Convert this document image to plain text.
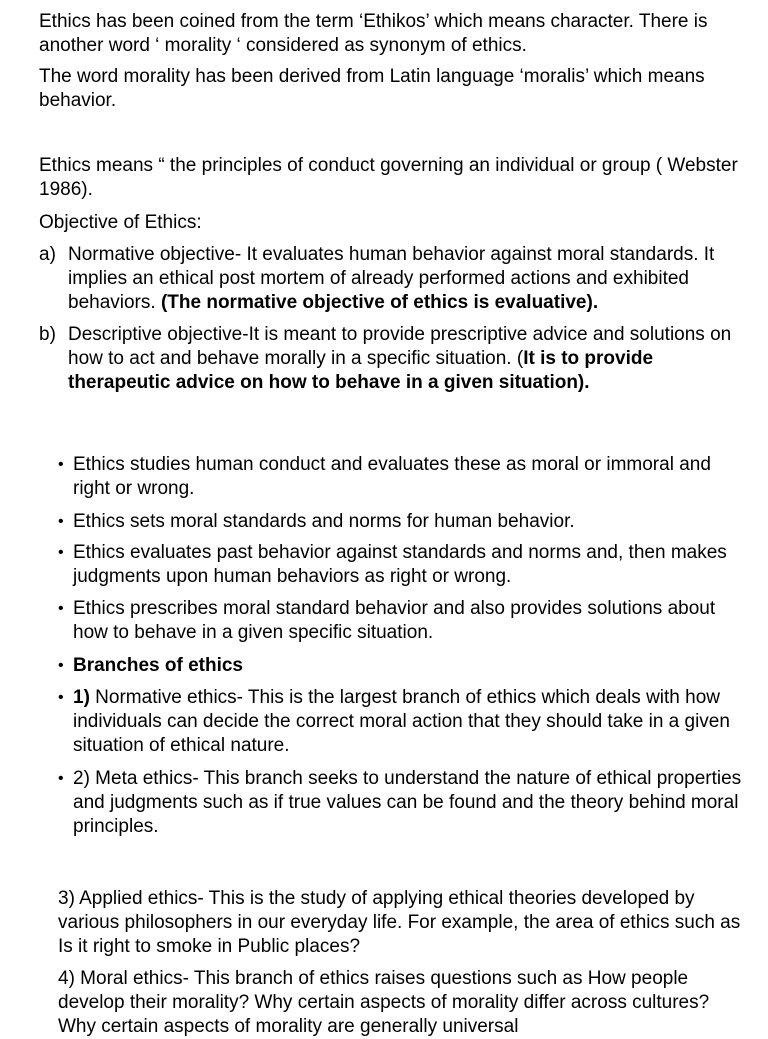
Ethics has been coined from the term ‘Ethikos’ which means character. There is another word ‘ morality ‘ considered as synonym of ethics.

The word morality has been derived from Latin language ‘moralis’ which means behavior.

Ethics means “ the principles of conduct governing an individual or group ( Webster 1986).

Objective of Ethics:

a) Normative objective- It evaluates human behavior against moral standards. It implies an ethical post mortem of already performed actions and exhibited behaviors. (The normative objective of ethics is evaluative).
b) Descriptive objective-It is meant to provide prescriptive advice and solutions on how to act and behave morally in a specific situation. (It is to provide therapeutic advice on how to behave in a given situation).
• Ethics studies human conduct and evaluates these as moral or immoral and right or wrong.
• Ethics sets moral standards and norms for human behavior.
• Ethics evaluates past behavior against standards and norms and, then makes judgments upon human behaviors as right or wrong.
• Ethics prescribes moral standard behavior and also provides solutions about how to behave in a given specific situation.
• Branches of ethics
• 1) Normative ethics- This is the largest branch of ethics which deals with how individuals can decide the correct moral action that they should take in a given situation of ethical nature.
• 2) Meta ethics- This branch seeks to understand the nature of ethical properties and judgments such as if true values can be found and the theory behind moral principles.

3) Applied ethics- This is the study of applying ethical theories developed by various philosophers in our everyday life. For example, the area of ethics such as Is it right to smoke in Public places?

4) Moral ethics- This branch of ethics raises questions such as How people develop their morality? Why certain aspects of morality differ across cultures? Why certain aspects of morality are generally universal
